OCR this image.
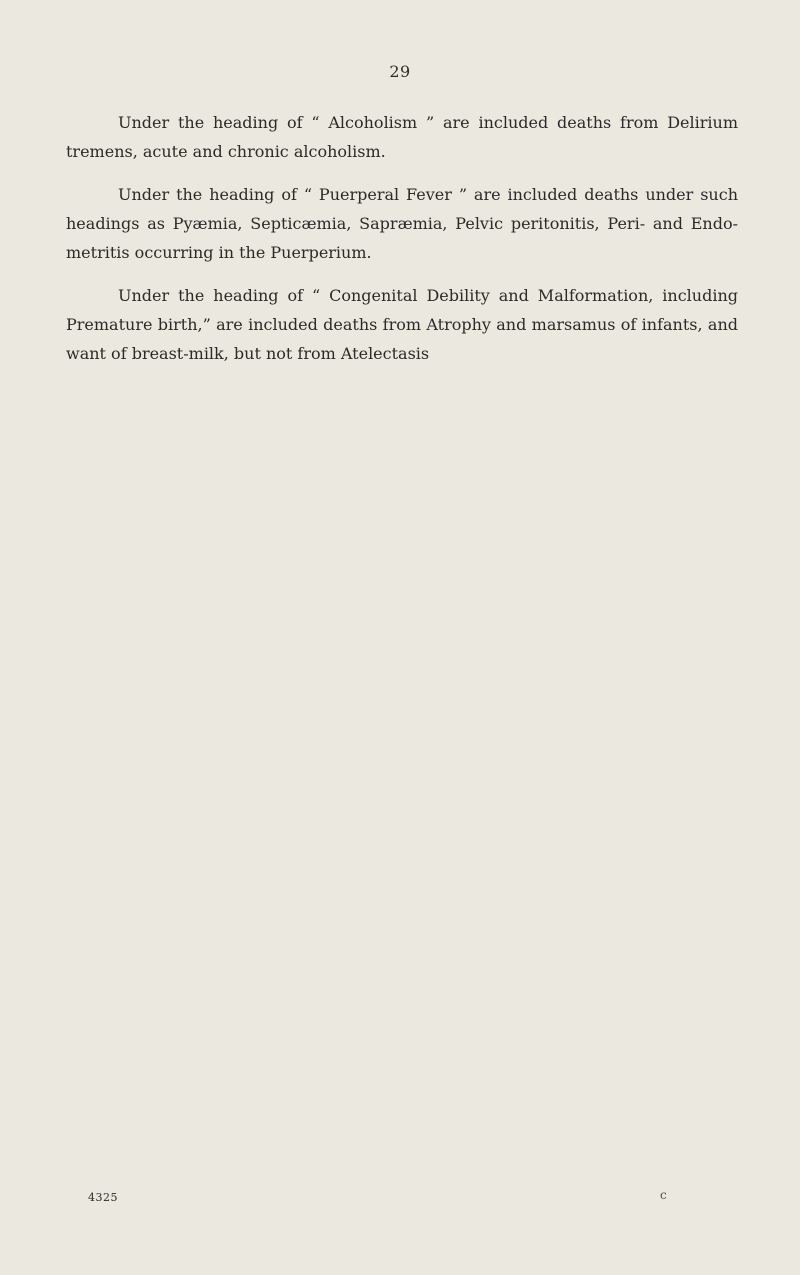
29

Under the heading of “ Alcoholism ” are included deaths from Delirium tremens, acute and chronic alcoholism.

Under the heading of “ Puerperal Fever ” are included deaths under such headings as Pyæmia, Septicæmia, Sapræmia, Pelvic peritonitis, Peri- and Endo-metritis occurring in the Puerperium.

Under the heading of “ Congenital Debility and Malformation, including Premature birth,” are included deaths from Atrophy and marsamus of infants, and want of breast-milk, but not from Atelectasis

4325	c
